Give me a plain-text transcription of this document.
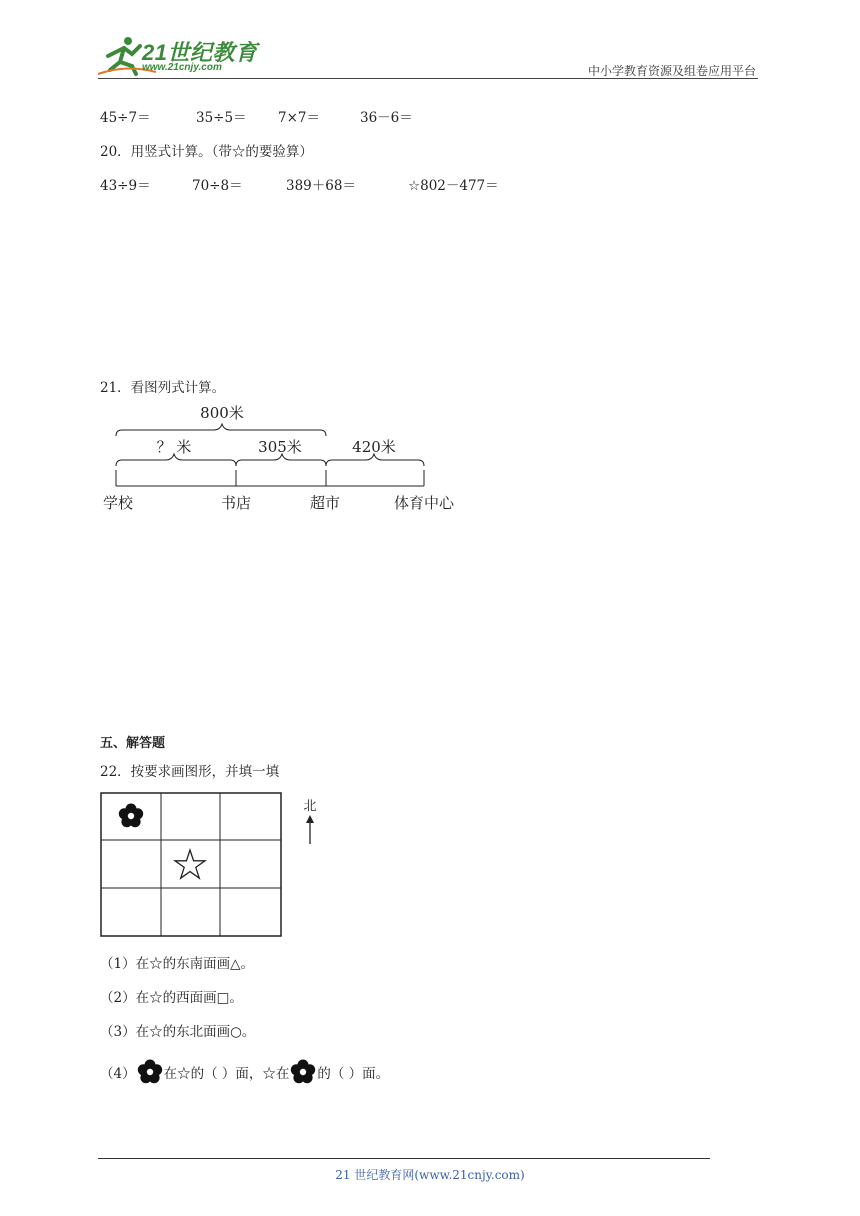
21世纪教育
www.21cnjy.com	中小学教育资源及组卷应用平台
45÷7＝	35÷5＝ 7×7＝	36－6＝
20．用竖式计算。（带☆的要验算）
43÷9＝	70÷8＝	389＋68＝	☆802－477＝
21．看图列式计算。
800米
？ 米	305米	420米
学校	书店	超市	体育中心
五、解答题
22．按要求画图形，并填一填
北
（1）在☆的东南面画△。
（2）在☆的西面画□。
（3）在☆的东北面画○。
（4） 在☆的（ ）面，☆在 的（ ）面。
21 世纪教育网(www.21cnjy.com)
